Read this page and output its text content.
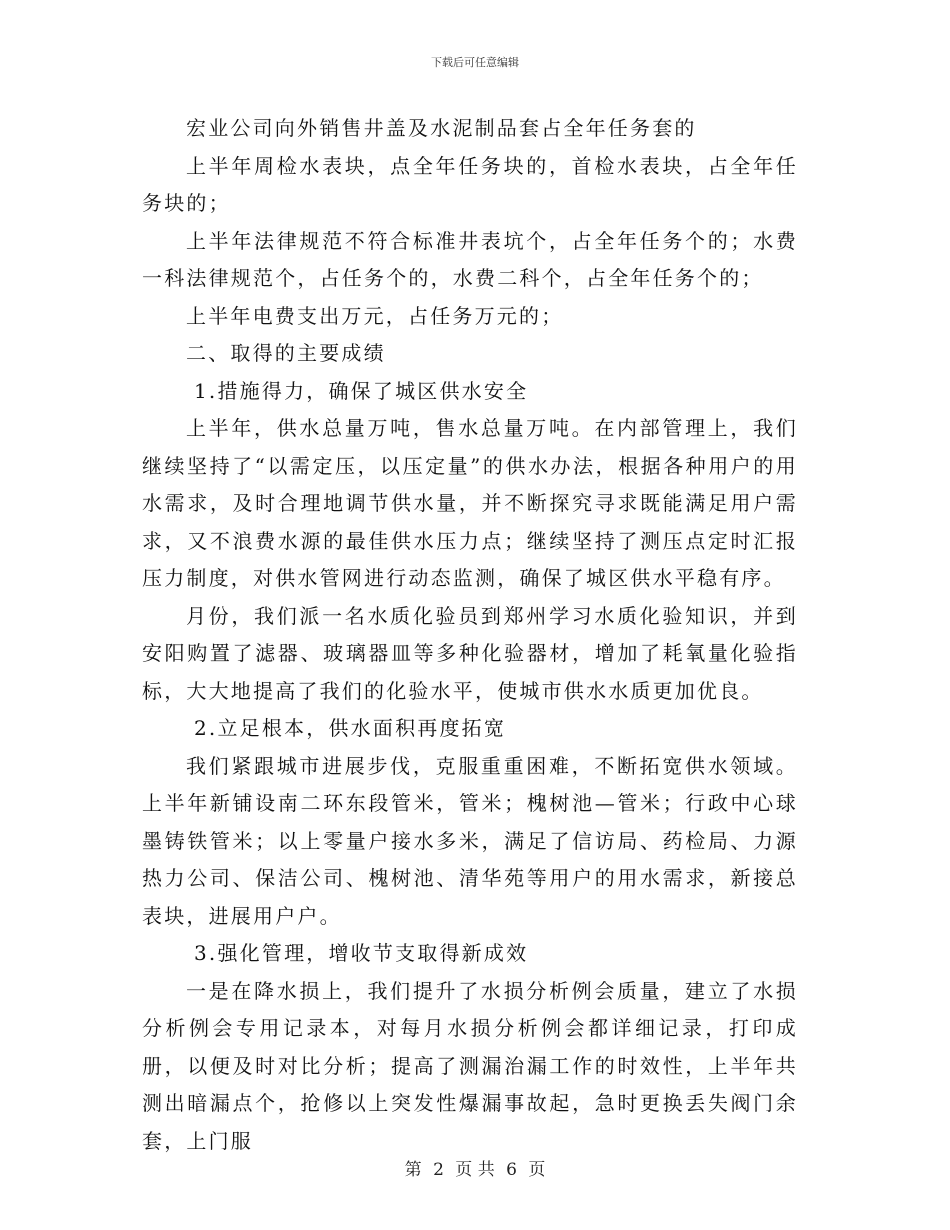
下载后可任意编辑

宏业公司向外销售井盖及水泥制品套占全年任务套的

上半年周检水表块，点全年任务块的，首检水表块，占全年任务块的；

上半年法律规范不符合标准井表坑个，占全年任务个的；水费一科法律规范个，占任务个的，水费二科个，占全年任务个的；

上半年电费支出万元，占任务万元的；

二、取得的主要成绩

1.措施得力，确保了城区供水安全

上半年，供水总量万吨，售水总量万吨。在内部管理上，我们继续坚持了“以需定压，以压定量”的供水办法，根据各种用户的用水需求，及时合理地调节供水量，并不断探究寻求既能满足用户需求，又不浪费水源的最佳供水压力点；继续坚持了测压点定时汇报压力制度，对供水管网进行动态监测，确保了城区供水平稳有序。

月份，我们派一名水质化验员到郑州学习水质化验知识，并到安阳购置了滤器、玻璃器皿等多种化验器材，增加了耗氧量化验指标，大大地提高了我们的化验水平，使城市供水水质更加优良。

2.立足根本，供水面积再度拓宽

我们紧跟城市进展步伐，克服重重困难，不断拓宽供水领域。上半年新铺设南二环东段管米，管米；槐树池—管米；行政中心球墨铸铁管米；以上零量户接水多米，满足了信访局、药检局、力源热力公司、保洁公司、槐树池、清华苑等用户的用水需求，新接总表块，进展用户户。

3.强化管理，增收节支取得新成效

一是在降水损上，我们提升了水损分析例会质量，建立了水损分析例会专用记录本，对每月水损分析例会都详细记录，打印成册，以便及时对比分析；提高了测漏治漏工作的时效性，上半年共测出暗漏点个，抢修以上突发性爆漏事故起，急时更换丢失阀门余套，上门服

第 2 页 共 6 页
